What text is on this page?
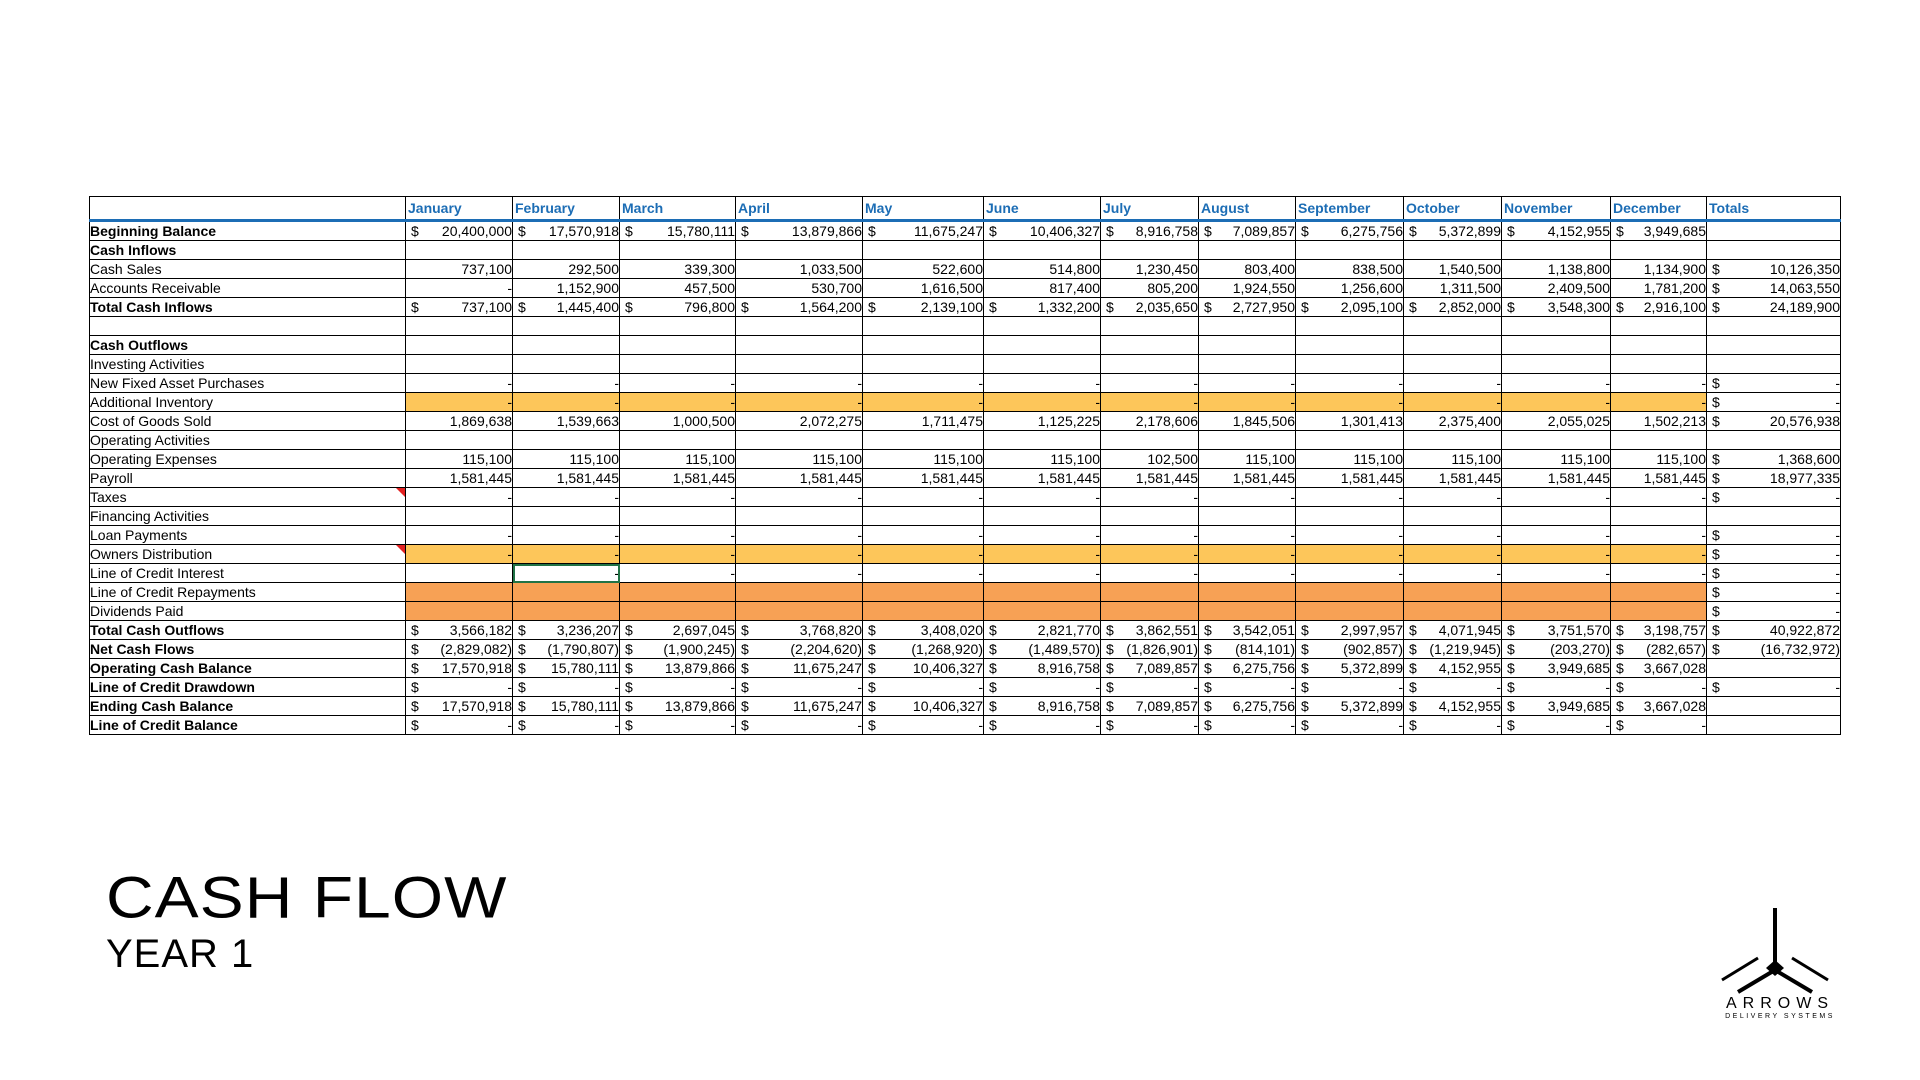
	January	February	March	April	May	June	July	August	September	October	November	December	Totals
Beginning Balance	$ 20,400,000	$ 17,570,918	$ 15,780,111	$ 13,879,866	$ 11,675,247	$ 10,406,327	$ 8,916,758	$ 7,089,857	$ 6,275,756	$ 5,372,899	$ 4,152,955	$ 3,949,685	
Cash Inflows													
Cash Sales	737,100	292,500	339,300	1,033,500	522,600	514,800	1,230,450	803,400	838,500	1,540,500	1,138,800	1,134,900	$ 10,126,350
Accounts Receivable	-	1,152,900	457,500	530,700	1,616,500	817,400	805,200	1,924,550	1,256,600	1,311,500	2,409,500	1,781,200	$ 14,063,550
Total Cash Inflows	$ 737,100	$ 1,445,400	$ 796,800	$ 1,564,200	$ 2,139,100	$ 1,332,200	$ 2,035,650	$ 2,727,950	$ 2,095,100	$ 2,852,000	$ 3,548,300	$ 2,916,100	$ 24,189,900

Cash Outflows													
Investing Activities													
New Fixed Asset Purchases	-	-	-	-	-	-	-	-	-	-	-	-	$ -
Additional Inventory	-	-	-	-	-	-	-	-	-	-	-	-	$ -
Cost of Goods Sold	1,869,638	1,539,663	1,000,500	2,072,275	1,711,475	1,125,225	2,178,606	1,845,506	1,301,413	2,375,400	2,055,025	1,502,213	$ 20,576,938
Operating Activities													
Operating Expenses	115,100	115,100	115,100	115,100	115,100	115,100	102,500	115,100	115,100	115,100	115,100	115,100	$ 1,368,600
Payroll	1,581,445	1,581,445	1,581,445	1,581,445	1,581,445	1,581,445	1,581,445	1,581,445	1,581,445	1,581,445	1,581,445	1,581,445	$ 18,977,335
Taxes	-	-	-	-	-	-	-	-	-	-	-	-	$ -
Financing Activities													
Loan Payments	-	-	-	-	-	-	-	-	-	-	-	-	$ -
Owners Distribution	-	-	-	-	-	-	-	-	-	-	-	-	$ -
Line of Credit Interest		-	-	-	-	-	-	-	-	-	-	-	$ -
Line of Credit Repayments													$ -
Dividends Paid													$ -
Total Cash Outflows	$ 3,566,182	$ 3,236,207	$ 2,697,045	$ 3,768,820	$ 3,408,020	$ 2,821,770	$ 3,862,551	$ 3,542,051	$ 2,997,957	$ 4,071,945	$ 3,751,570	$ 3,198,757	$ 40,922,872
Net Cash Flows	$ (2,829,082)	$ (1,790,807)	$ (1,900,245)	$ (2,204,620)	$ (1,268,920)	$ (1,489,570)	$ (1,826,901)	$ (814,101)	$ (902,857)	$ (1,219,945)	$ (203,270)	$ (282,657)	$ (16,732,972)
Operating Cash Balance	$ 17,570,918	$ 15,780,111	$ 13,879,866	$ 11,675,247	$ 10,406,327	$ 8,916,758	$ 7,089,857	$ 6,275,756	$ 5,372,899	$ 4,152,955	$ 3,949,685	$ 3,667,028	
Line of Credit Drawdown	$ -	$ -	$ -	$ -	$ -	$ -	$ -	$ -	$ -	$ -	$ -	$ -	$ -
Ending Cash Balance	$ 17,570,918	$ 15,780,111	$ 13,879,866	$ 11,675,247	$ 10,406,327	$ 8,916,758	$ 7,089,857	$ 6,275,756	$ 5,372,899	$ 4,152,955	$ 3,949,685	$ 3,667,028	
Line of Credit Balance	$ -	$ -	$ -	$ -	$ -	$ -	$ -	$ -	$ -	$ -	$ -	$ -	
CASH FLOW
YEAR 1
ARROWS
DELIVERY SYSTEMS
